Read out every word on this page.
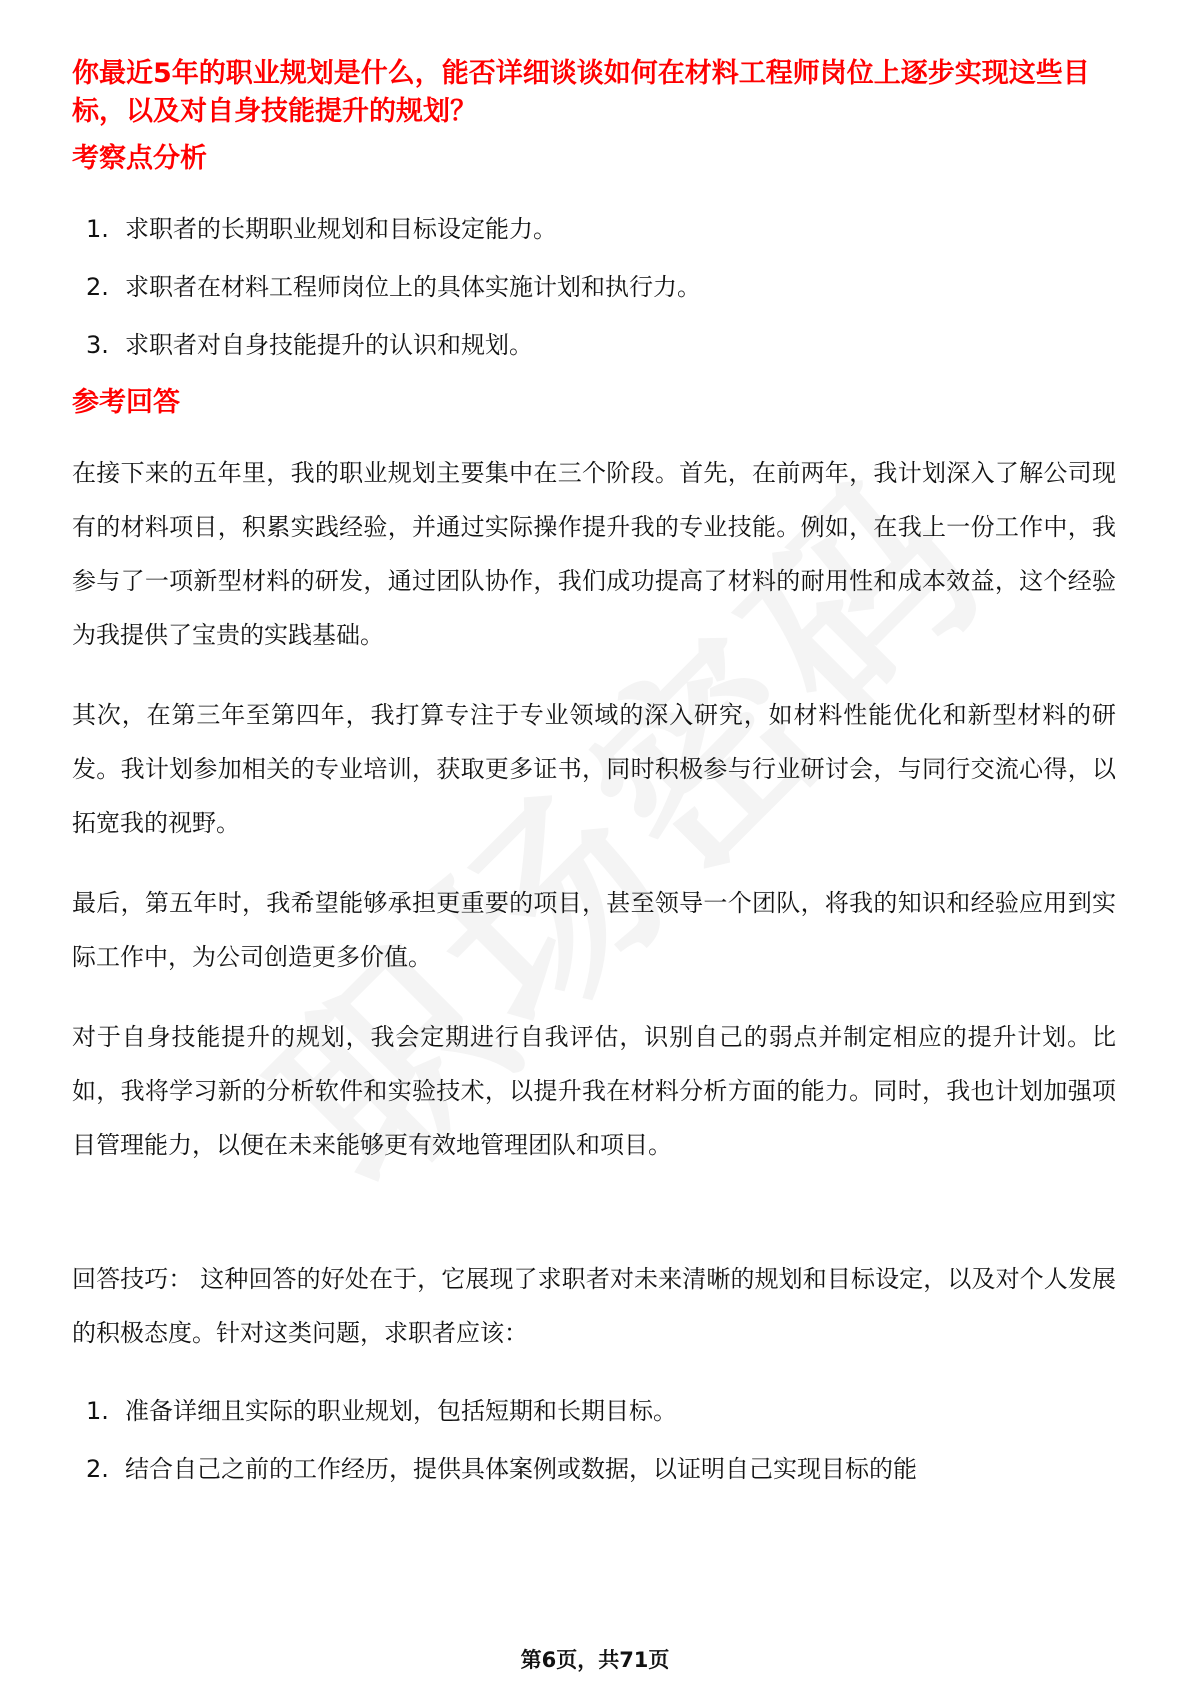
你最近5年的职业规划是什么，能否详细谈谈如何在材料工程师岗位上逐步实现这些目标，以及对自身技能提升的规划？

考察点分析
1. 求职者的长期职业规划和目标设定能力。
2. 求职者在材料工程师岗位上的具体实施计划和执行力。
3. 求职者对自身技能提升的认识和规划。
参考回答

在接下来的五年里，我的职业规划主要集中在三个阶段。首先，在前两年，我计划深入了解公司现有的材料项目，积累实践经验，并通过实际操作提升我的专业技能。例如，在我上一份工作中，我参与了一项新型材料的研发，通过团队协作，我们成功提高了材料的耐用性和成本效益，这个经验为我提供了宝贵的实践基础。

其次，在第三年至第四年，我打算专注于专业领域的深入研究，如材料性能优化和新型材料的研发。我计划参加相关的专业培训，获取更多证书，同时积极参与行业研讨会，与同行交流心得，以拓宽我的视野。

最后，第五年时，我希望能够承担更重要的项目，甚至领导一个团队，将我的知识和经验应用到实际工作中，为公司创造更多价值。

对于自身技能提升的规划，我会定期进行自我评估，识别自己的弱点并制定相应的提升计划。比如，我将学习新的分析软件和实验技术，以提升我在材料分析方面的能力。同时，我也计划加强项目管理能力，以便在未来能够更有效地管理团队和项目。

回答技巧： 这种回答的好处在于，它展现了求职者对未来清晰的规划和目标设定，以及对个人发展的积极态度。针对这类问题，求职者应该：

1. 准备详细且实际的职业规划，包括短期和长期目标。
2. 结合自己之前的工作经历，提供具体案例或数据，以证明自己实现目标的能
第6页，共71页
